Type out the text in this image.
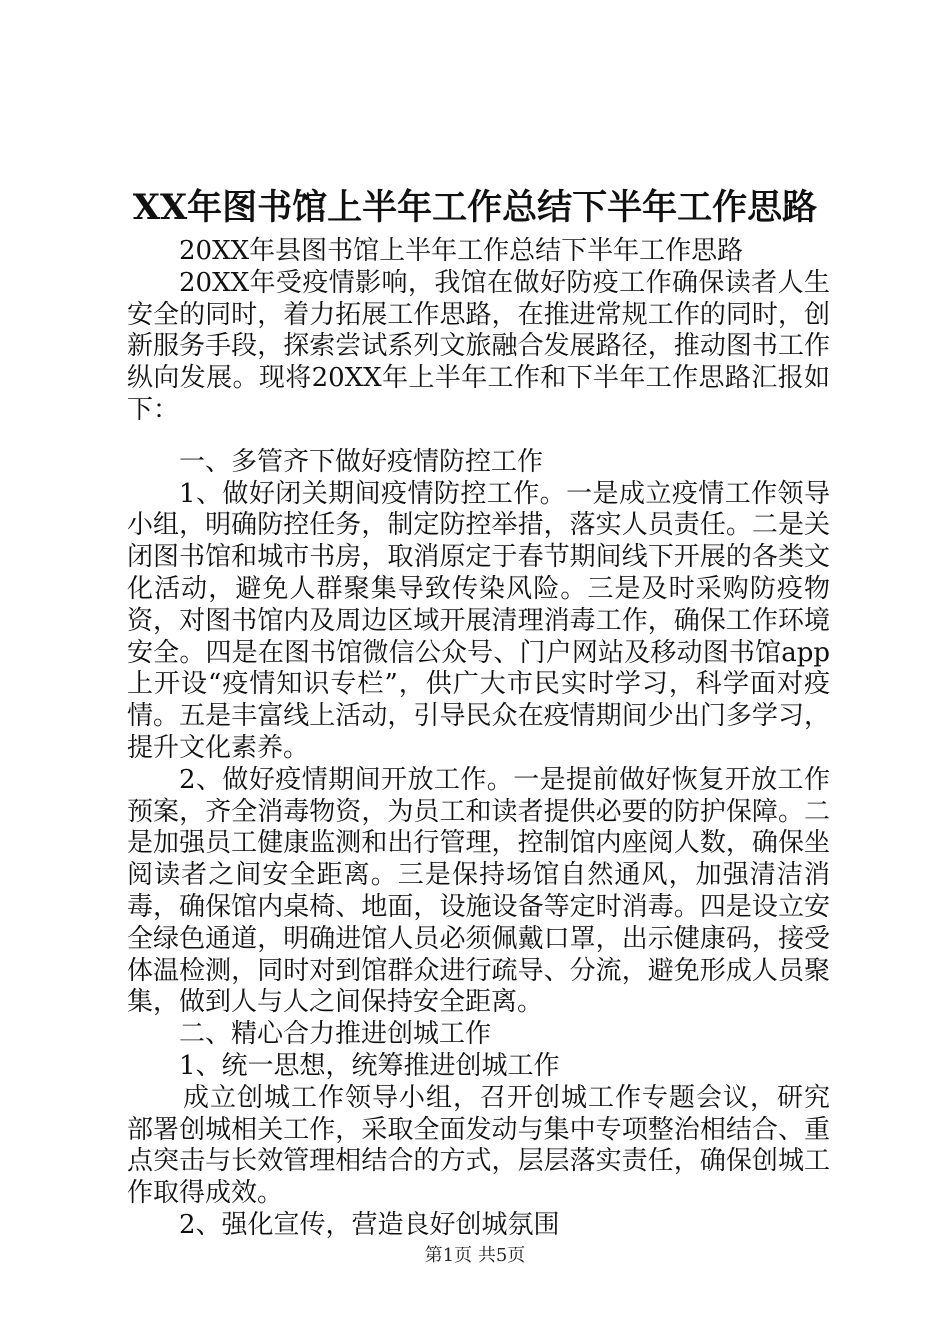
XX年图书馆上半年工作总结下半年工作思路

20XX年县图书馆上半年工作总结下半年工作思路

20XX年受疫情影响，我馆在做好防疫工作确保读者人生安全的同时，着力拓展工作思路，在推进常规工作的同时，创新服务手段，探索尝试系列文旅融合发展路径，推动图书工作纵向发展。现将20XX年上半年工作和下半年工作思路汇报如下：

一、多管齐下做好疫情防控工作

1、做好闭关期间疫情防控工作。一是成立疫情工作领导小组，明确防控任务，制定防控举措，落实人员责任。二是关闭图书馆和城市书房，取消原定于春节期间线下开展的各类文化活动，避免人群聚集导致传染风险。三是及时采购防疫物资，对图书馆内及周边区域开展清理消毒工作，确保工作环境安全。四是在图书馆微信公众号、门户网站及移动图书馆app上开设“疫情知识专栏”，供广大市民实时学习，科学面对疫情。五是丰富线上活动，引导民众在疫情期间少出门多学习，提升文化素养。

2、做好疫情期间开放工作。一是提前做好恢复开放工作预案，齐全消毒物资，为员工和读者提供必要的防护保障。二是加强员工健康监测和出行管理，控制馆内座阅人数，确保坐阅读者之间安全距离。三是保持场馆自然通风，加强清洁消毒，确保馆内桌椅、地面，设施设备等定时消毒。四是设立安全绿色通道，明确进馆人员必须佩戴口罩，出示健康码，接受体温检测，同时对到馆群众进行疏导、分流，避免形成人员聚集，做到人与人之间保持安全距离。

二、精心合力推进创城工作

1、统一思想，统筹推进创城工作

成立创城工作领导小组，召开创城工作专题会议，研究部署创城相关工作，采取全面发动与集中专项整治相结合、重点突击与长效管理相结合的方式，层层落实责任，确保创城工作取得成效。

2、强化宣传，营造良好创城氛围

第1页 共5页
